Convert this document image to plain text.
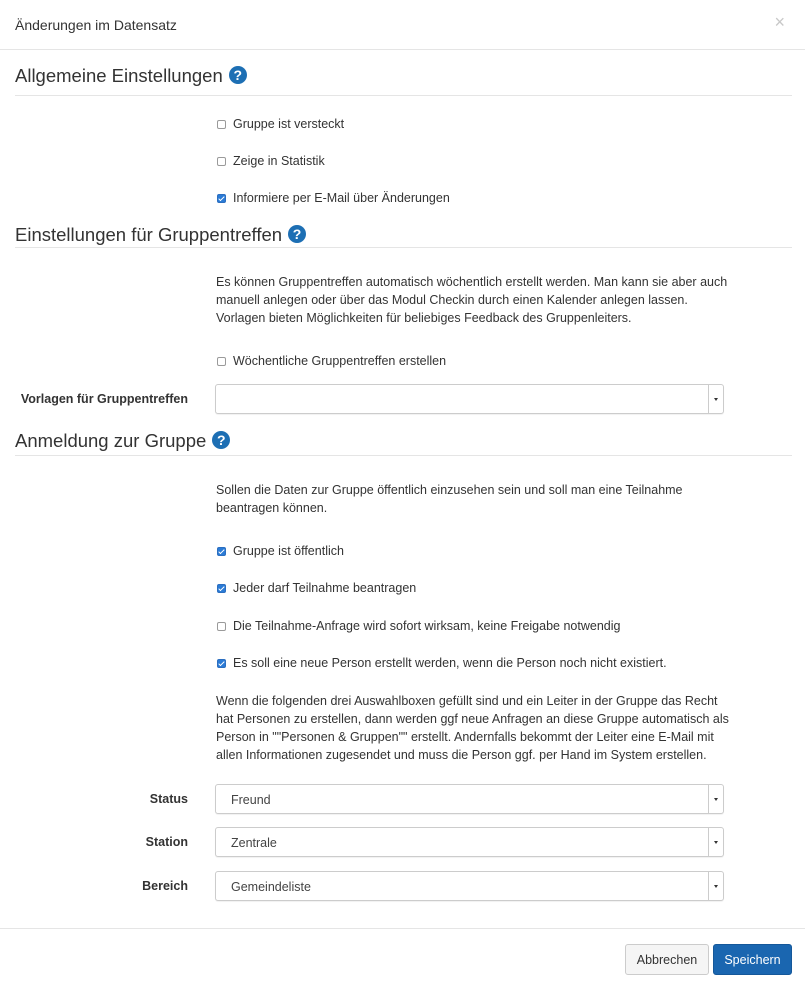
Änderungen im Datensatz	×
Allgemeine Einstellungen ?
Gruppe ist versteckt
Zeige in Statistik
Informiere per E-Mail über Änderungen
Einstellungen für Gruppentreffen ?
Es können Gruppentreffen automatisch wöchentlich erstellt werden. Man kann sie aber auch manuell anlegen oder über das Modul Checkin durch einen Kalender anlegen lassen. Vorlagen bieten Möglichkeiten für beliebiges Feedback des Gruppenleiters.
Wöchentliche Gruppentreffen erstellen
Vorlagen für Gruppentreffen
Anmeldung zur Gruppe ?
Sollen die Daten zur Gruppe öffentlich einzusehen sein und soll man eine Teilnahme beantragen können.
Gruppe ist öffentlich
Jeder darf Teilnahme beantragen
Die Teilnahme-Anfrage wird sofort wirksam, keine Freigabe notwendig
Es soll eine neue Person erstellt werden, wenn die Person noch nicht existiert.
Wenn die folgenden drei Auswahlboxen gefüllt sind und ein Leiter in der Gruppe das Recht hat Personen zu erstellen, dann werden ggf neue Anfragen an diese Gruppe automatisch als Person in ""Personen & Gruppen"" erstellt. Andernfalls bekommt der Leiter eine E-Mail mit allen Informationen zugesendet und muss die Person ggf. per Hand im System erstellen.
Status	Freund
Station	Zentrale
Bereich	Gemeindeliste
Abbrechen	Speichern
